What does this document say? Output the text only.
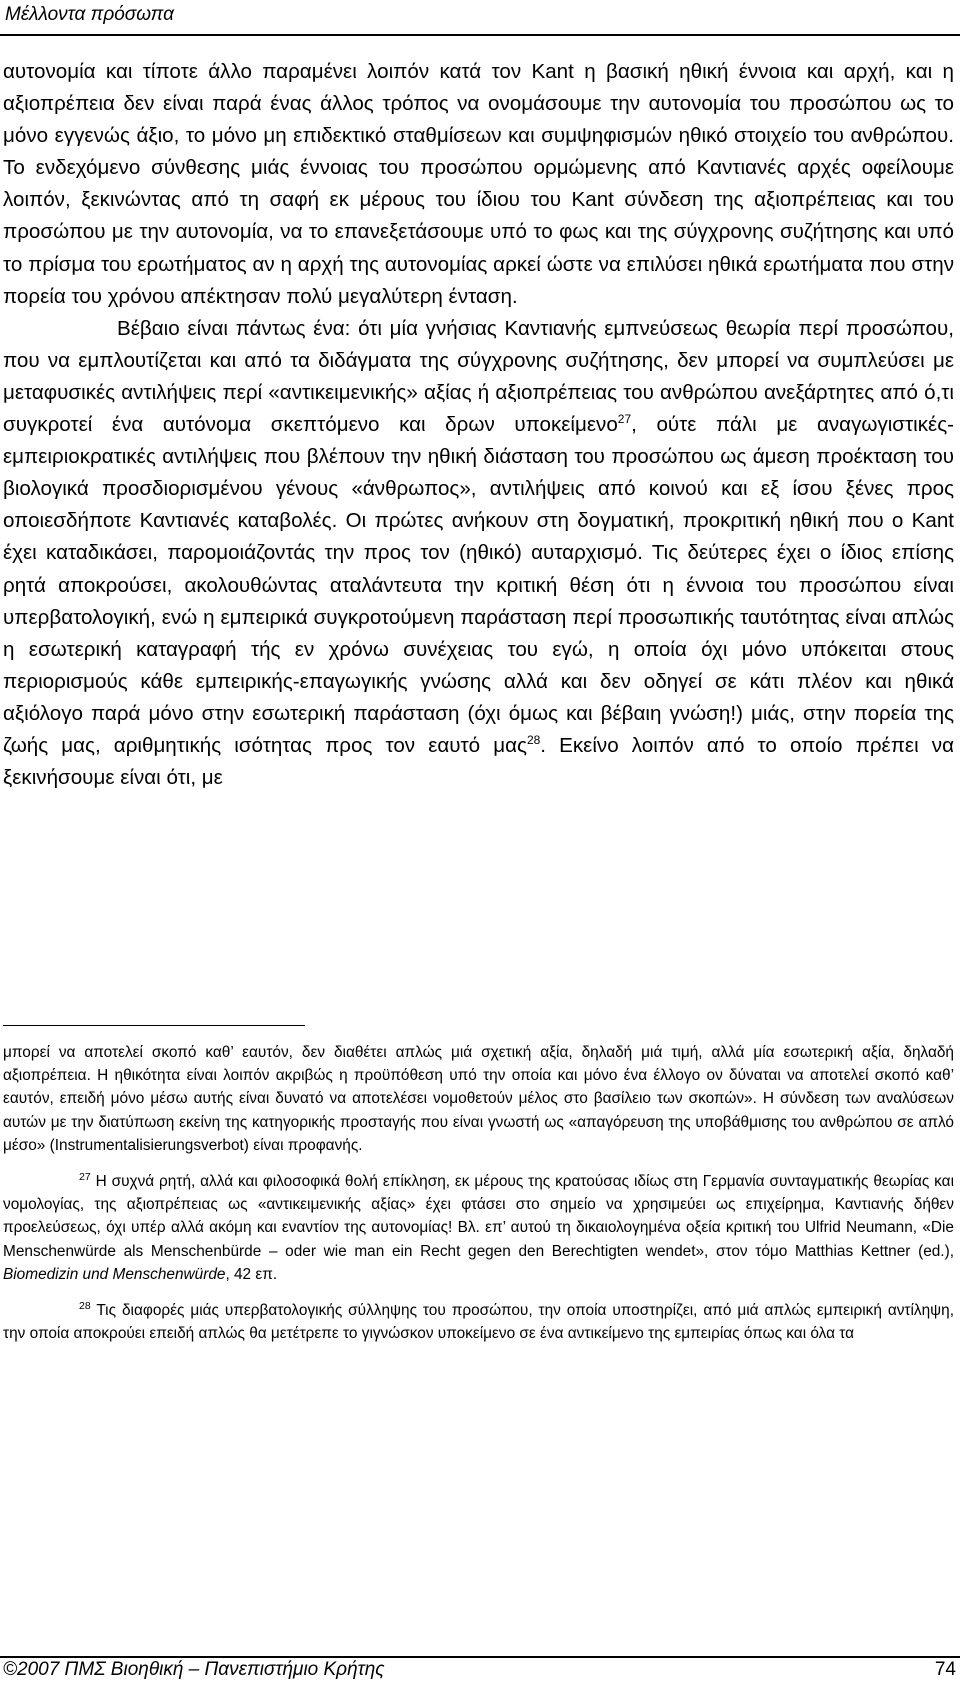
Μέλλοντα πρόσωπα

αυτονομία και τίποτε άλλο παραμένει λοιπόν κατά τον Kant η βασική ηθική έννοια και αρχή, και η αξιοπρέπεια δεν είναι παρά ένας άλλος τρόπος να ονομάσουμε την αυτονομία του προσώπου ως το μόνο εγγενώς άξιο, το μόνο μη επιδεκτικό σταθμίσεων και συμψηφισμών ηθικό στοιχείο του ανθρώπου. Το ενδεχόμενο σύνθεσης μιάς έννοιας του προσώπου ορμώμενης από Καντιανές αρχές οφείλουμε λοιπόν, ξεκινώντας από τη σαφή εκ μέρους του ίδιου του Kant σύνδεση της αξιοπρέπειας και του προσώπου με την αυτονομία, να το επανεξετάσουμε υπό το φως και της σύγχρονης συζήτησης και υπό το πρίσμα του ερωτήματος αν η αρχή της αυτονομίας αρκεί ώστε να επιλύσει ηθικά ερωτήματα που στην πορεία του χρόνου απέκτησαν πολύ μεγαλύτερη ένταση.

Βέβαιο είναι πάντως ένα: ότι μία γνήσιας Καντιανής εμπνεύσεως θεωρία περί προσώπου, που να εμπλουτίζεται και από τα διδάγματα της σύγχρονης συζήτησης, δεν μπορεί να συμπλεύσει με μεταφυσικές αντιλήψεις περί «αντικειμενικής» αξίας ή αξιοπρέπειας του ανθρώπου ανεξάρτητες από ό,τι συγκροτεί ένα αυτόνομα σκεπτόμενο και δρων υποκείμενο$^{27}$, ούτε πάλι με αναγωγιστικές-εμπειριοκρατικές αντιλήψεις που βλέπουν την ηθική διάσταση του προσώπου ως άμεση προέκταση του βιολογικά προσδιορισμένου γένους «άνθρωπος», αντιλήψεις από κοινού και εξ ίσου ξένες προς οποιεσδήποτε Καντιανές καταβολές. Οι πρώτες ανήκουν στη δογματική, προκριτική ηθική που ο Kant έχει καταδικάσει, παρομοιάζοντάς την προς τον (ηθικό) αυταρχισμό. Τις δεύτερες έχει ο ίδιος επίσης ρητά αποκρούσει, ακολουθώντας αταλάντευτα την κριτική θέση ότι η έννοια του προσώπου είναι υπερβατολογική, ενώ η εμπειρικά συγκροτούμενη παράσταση περί προσωπικής ταυτότητας είναι απλώς η εσωτερική καταγραφή τής εν χρόνω συνέχειας του εγώ, η οποία όχι μόνο υπόκειται στους περιορισμούς κάθε εμπειρικής-επαγωγικής γνώσης αλλά και δεν οδηγεί σε κάτι πλέον και ηθικά αξιόλογο παρά μόνο στην εσωτερική παράσταση (όχι όμως και βέβαιη γνώση!) μιάς, στην πορεία της ζωής μας, αριθμητικής ισότητας προς τον εαυτό μας$^{28}$. Εκείνο λοιπόν από το οποίο πρέπει να ξεκινήσουμε είναι ότι, με

μπορεί να αποτελεί σκοπό καθ’ εαυτόν, δεν διαθέτει απλώς μιά σχετική αξία, δηλαδή μιά τιμή, αλλά μία εσωτερική αξία, δηλαδή αξιοπρέπεια. Η ηθικότητα είναι λοιπόν ακριβώς η προϋπόθεση υπό την οποία και μόνο ένα έλλογο ον δύναται να αποτελεί σκοπό καθ’ εαυτόν, επειδή μόνο μέσω αυτής είναι δυνατό να αποτελέσει νομοθετούν μέλος στο βασίλειο των σκοπών». Η σύνδεση των αναλύσεων αυτών με την διατύπωση εκείνη της κατηγορικής προσταγής που είναι γνωστή ως «απαγόρευση της υποβάθμισης του ανθρώπου σε απλό μέσο» (Instrumentalisierungsverbot) είναι προφανής.

$^{27}$ Η συχνά ρητή, αλλά και φιλοσοφικά θολή επίκληση, εκ μέρους της κρατούσας ιδίως στη Γερμανία συνταγματικής θεωρίας και νομολογίας, της αξιοπρέπειας ως «αντικειμενικής αξίας» έχει φτάσει στο σημείο να χρησιμεύει ως επιχείρημα, Καντιανής δήθεν προελεύσεως, όχι υπέρ αλλά ακόμη και εναντίον της αυτονομίας! Βλ. επ’ αυτού τη δικαιολογημένα οξεία κριτική του Ulfrid Neumann, «Die Menschenwürde als Menschenbürde – oder wie man ein Recht gegen den Berechtigten wendet», στον τόμο Matthias Kettner (ed.), Biomedizin und Menschenwürde, 42 επ.

$^{28}$ Τις διαφορές μιάς υπερβατολογικής σύλληψης του προσώπου, την οποία υποστηρίζει, από μιά απλώς εμπειρική αντίληψη, την οποία αποκρούει επειδή απλώς θα μετέτρεπε το γιγνώσκον υποκείμενο σε ένα αντικείμενο της εμπειρίας όπως και όλα τα

©2007 ΠΜΣ Βιοηθική – Πανεπιστήμιο Κρήτης	74
